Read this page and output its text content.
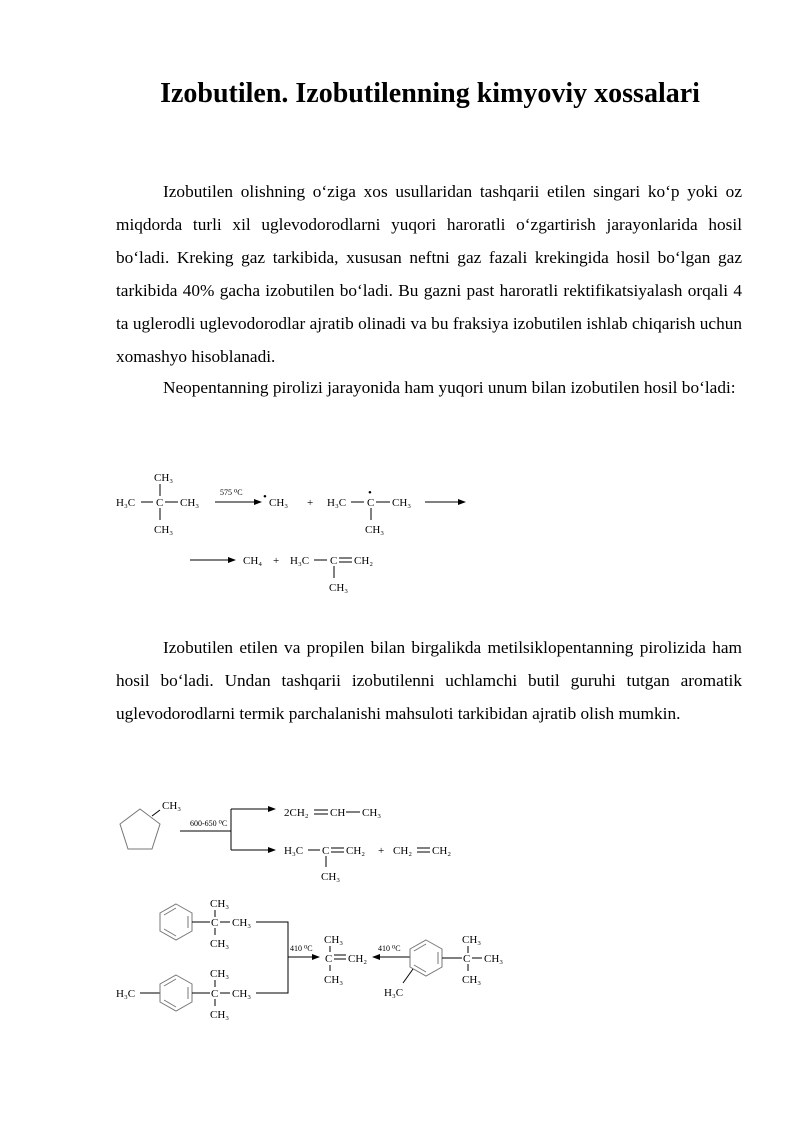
Izobutilen. Izobutilenning kimyoviy xossalari

Izobutilen olishning o‘ziga xos usullaridan tashqarii etilen singari ko‘p yoki oz miqdorda turli xil uglevodorodlarni yuqori haroratli o‘zgartirish jarayonlarida hosil bo‘ladi. Kreking gaz tarkibida, xususan neftni gaz fazali krekingida hosil bo‘lgan gaz tarkibida 40% gacha izobutilen bo‘ladi. Bu gazni past haroratli rektifikatsiyalash orqali 4 ta uglerodli uglevodorodlar ajratib olinadi va bu fraksiya izobutilen ishlab chiqarish uchun xomashyo hisoblanadi.

Neopentanning pirolizi jarayonida ham yuqori unum bilan izobutilen hosil bo‘ladi:

CH₃
H₃C C CH₃
CH₃
575 ⁰C • CH₃ + H₃C
•
C CH₃
CH₃
CH₄ + H₃C C CH₂
CH₃

Izobutilen etilen va propilen bilan birgalikda metilsiklopentanning pirolizida ham hosil bo‘ladi. Undan tashqarii izobutilenni uchlamchi butil guruhi tutgan aromatik uglevodorodlarni termik parchalanishi mahsuloti tarkibidan ajratib olish mumkin.

CH₃
600-650 ⁰C
2CH₂ CH CH₃
H₃C C CH₂
CH₃
+ CH₂ CH₂
CH₃
C CH₃
CH₃
H₃C
CH₃
C CH₃
CH₃
410 ⁰C
CH₃
C CH₂
CH₃
410 ⁰C
H₃C
CH₃
C CH₃
CH₃
